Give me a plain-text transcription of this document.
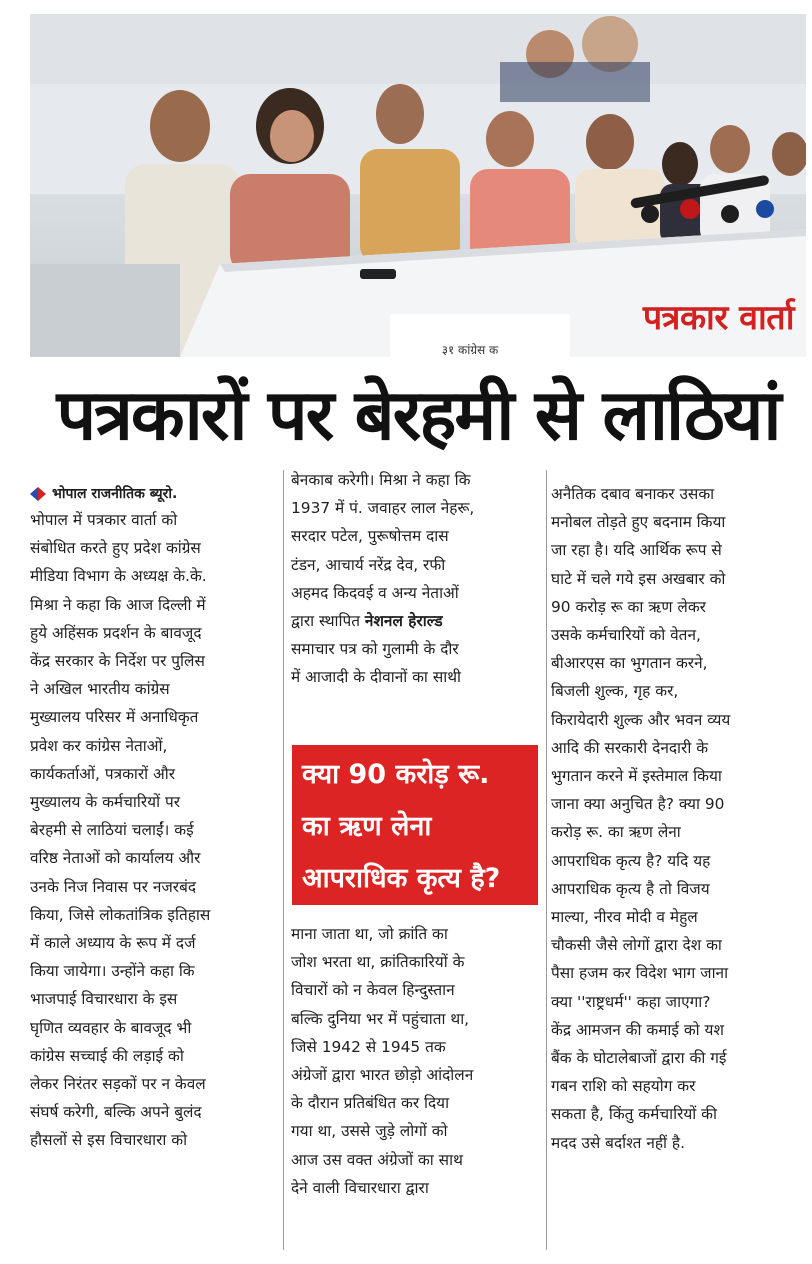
३१ कांग्रेस क
पत्रकार वार्ता
पत्रकारों पर बेरहमी से लाठियां
भोपाल राजनीतिक ब्यूरो.

भोपाल में पत्रकार वार्ता को

संबोधित करते हुए प्रदेश कांग्रेस

मीडिया विभाग के अध्यक्ष के.के.

मिश्रा ने कहा कि आज दिल्ली में

हुये अहिंसक प्रदर्शन के बावजूद

केंद्र सरकार के निर्देश पर पुलिस

ने अखिल भारतीय कांग्रेस

मुख्यालय परिसर में अनाधिकृत

प्रवेश कर कांग्रेस नेताओं,

कार्यकर्ताओं, पत्रकारों और

मुख्यालय के कर्मचारियों पर

बेरहमी से लाठियां चलाईं। कई

वरिष्ठ नेताओं को कार्यालय और

उनके निज निवास पर नजरबंद

किया, जिसे लोकतांत्रिक इतिहास

में काले अध्याय के रूप में दर्ज

किया जायेगा। उन्होंने कहा कि

भाजपाई विचारधारा के इस

घृणित व्यवहार के बावजूद भी

कांग्रेस सच्चाई की लड़ाई को

लेकर निरंतर सड़कों पर न केवल

संघर्ष करेगी, बल्कि अपने बुलंद

हौसलों से इस विचारधारा को

बेनकाब करेगी। मिश्रा ने कहा कि

1937 में पं. जवाहर लाल नेहरू,

सरदार पटेल, पुरूषोत्तम दास

टंडन, आचार्य नरेंद्र देव, रफी

अहमद किदवई व अन्य नेताओं

द्वारा स्थापित नेशनल हेराल्ड

समाचार पत्र को गुलामी के दौर

में आजादी के दीवानों का साथी

क्या 90 करोड़ रू.
का ऋण लेना
आपराधिक कृत्य है?

माना जाता था, जो क्रांति का

जोश भरता था, क्रांतिकारियों के

विचारों को न केवल हिन्दुस्तान

बल्कि दुनिया भर में पहुंचाता था,

जिसे 1942 से 1945 तक

अंग्रेजों द्वारा भारत छोड़ो आंदोलन

के दौरान प्रतिबंधित कर दिया

गया था, उससे जुड़े लोगों को

आज उस वक्त अंग्रेजों का साथ

देने वाली विचारधारा द्वारा

अनैतिक दबाव बनाकर उसका

मनोबल तोड़ते हुए बदनाम किया

जा रहा है। यदि आर्थिक रूप से

घाटे में चले गये इस अखबार को

90 करोड़ रू का ऋण लेकर

उसके कर्मचारियों को वेतन,

बीआरएस का भुगतान करने,

बिजली शुल्क, गृह कर,

किरायेदारी शुल्क और भवन व्यय

आदि की सरकारी देनदारी के

भुगतान करने में इस्तेमाल किया

जाना क्या अनुचित है? क्या 90

करोड़ रू. का ऋण लेना

आपराधिक कृत्य है? यदि यह

आपराधिक कृत्य है तो विजय

माल्या, नीरव मोदी व मेहुल

चौकसी जैसे लोगों द्वारा देश का

पैसा हजम कर विदेश भाग जाना

क्या ''राष्ट्रधर्म'' कहा जाएगा?

केंद्र आमजन की कमाई को यश

बैंक के घोटालेबाजों द्वारा की गई

गबन राशि को सहयोग कर

सकता है, किंतु कर्मचारियों की

मदद उसे बर्दाश्त नहीं है.
